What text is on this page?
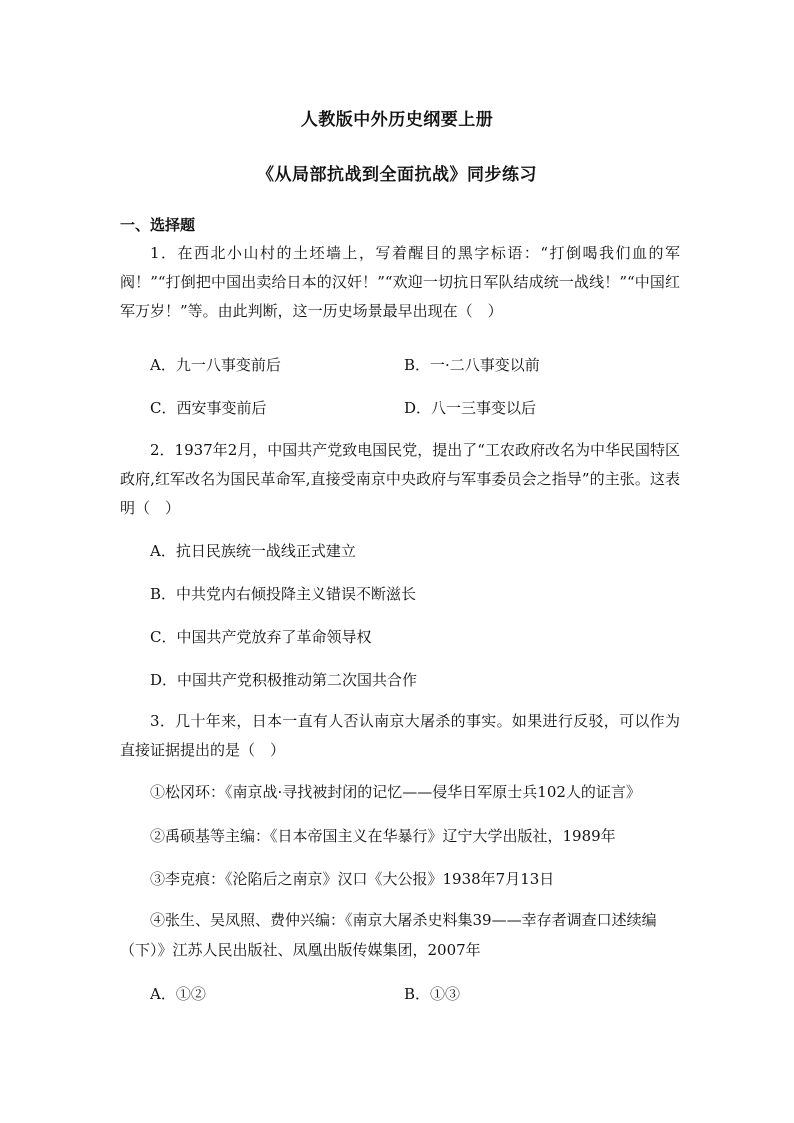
人教版中外历史纲要上册
《从局部抗战到全面抗战》同步练习
一、选择题
1．在西北小山村的土坯墙上，写着醒目的黑字标语：“打倒喝我们血的军阀！”“打倒把中国出卖给日本的汉奸！”“欢迎一切抗日军队结成统一战线！”“中国红军万岁！”等。由此判断，这一历史场景最早出现在（　）
A．九一八事变前后	B．一·二八事变以前
C．西安事变前后	D．八一三事变以后
2．1937年2月，中国共产党致电国民党，提出了“工农政府改名为中华民国特区政府,红军改名为国民革命军,直接受南京中央政府与军事委员会之指导”的主张。这表明（　）
A．抗日民族统一战线正式建立
B．中共党内右倾投降主义错误不断滋长
C．中国共产党放弃了革命领导权
D．中国共产党积极推动第二次国共合作
3．几十年来，日本一直有人否认南京大屠杀的事实。如果进行反驳，可以作为直接证据提出的是（　）
①松冈环：《南京战·寻找被封闭的记忆——侵华日军原士兵102人的证言》
②禹硕基等主编：《日本帝国主义在华暴行》辽宁大学出版社，1989年
③李克痕：《沦陷后之南京》汉口《大公报》1938年7月13日
④张生、吴凤照、费仲兴编：《南京大屠杀史料集39——幸存者调查口述续编（下）》江苏人民出版社、凤凰出版传媒集团，2007年
A．①②	B．①③
